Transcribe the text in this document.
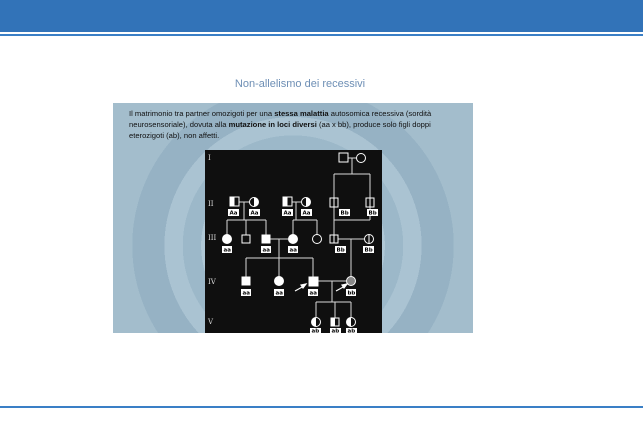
Non-allelismo dei recessivi
Il matrimonio tra partner omozigoti per una stessa malattia autosomica recessiva (sordità neurosensoriale), dovuta alla mutazione in loci diversi (aa x bb), produce solo figli doppi eterozigoti (ab), non affetti.
I
II
III
IV
V
Aa Aa	Aa Aa	Bb	Bb
aa	aa	aa	Bb	Bb
aa	aa	aa	bb
ab ab ab
